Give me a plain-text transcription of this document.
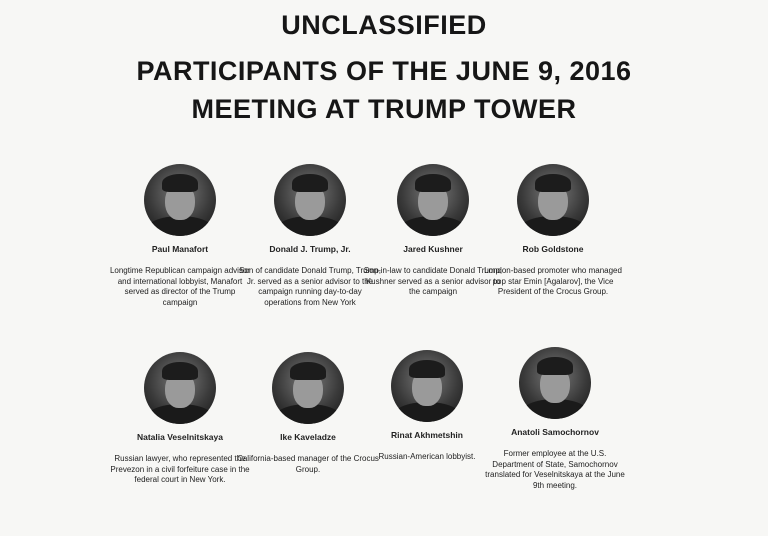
UNCLASSIFIED
PARTICIPANTS OF THE JUNE 9, 2016
MEETING AT TRUMP TOWER
Paul Manafort
Longtime Republican campaign advisor and international lobbyist, Manafort served as director of the Trump campaign
Donald J. Trump, Jr.
Son of candidate Donald Trump, Trump, Jr. served as a senior advisor to the campaign running day-to-day operations from New York
Jared Kushner
Son-in-law to candidate Donald Trump, Kushner served as a senior advisor to the campaign
Rob Goldstone
London-based promoter who managed pop star Emin [Agalarov], the Vice President of the Crocus Group.
Natalia Veselnitskaya
Russian lawyer, who represented the Prevezon in a civil forfeiture case in the federal court in New York.
Ike Kaveladze
California-based manager of the Crocus Group.
Rinat Akhmetshin
Russian-American lobbyist.
Anatoli Samochornov
Former employee at the U.S. Department of State, Samochornov translated for Veselnitskaya at the June 9th meeting.
